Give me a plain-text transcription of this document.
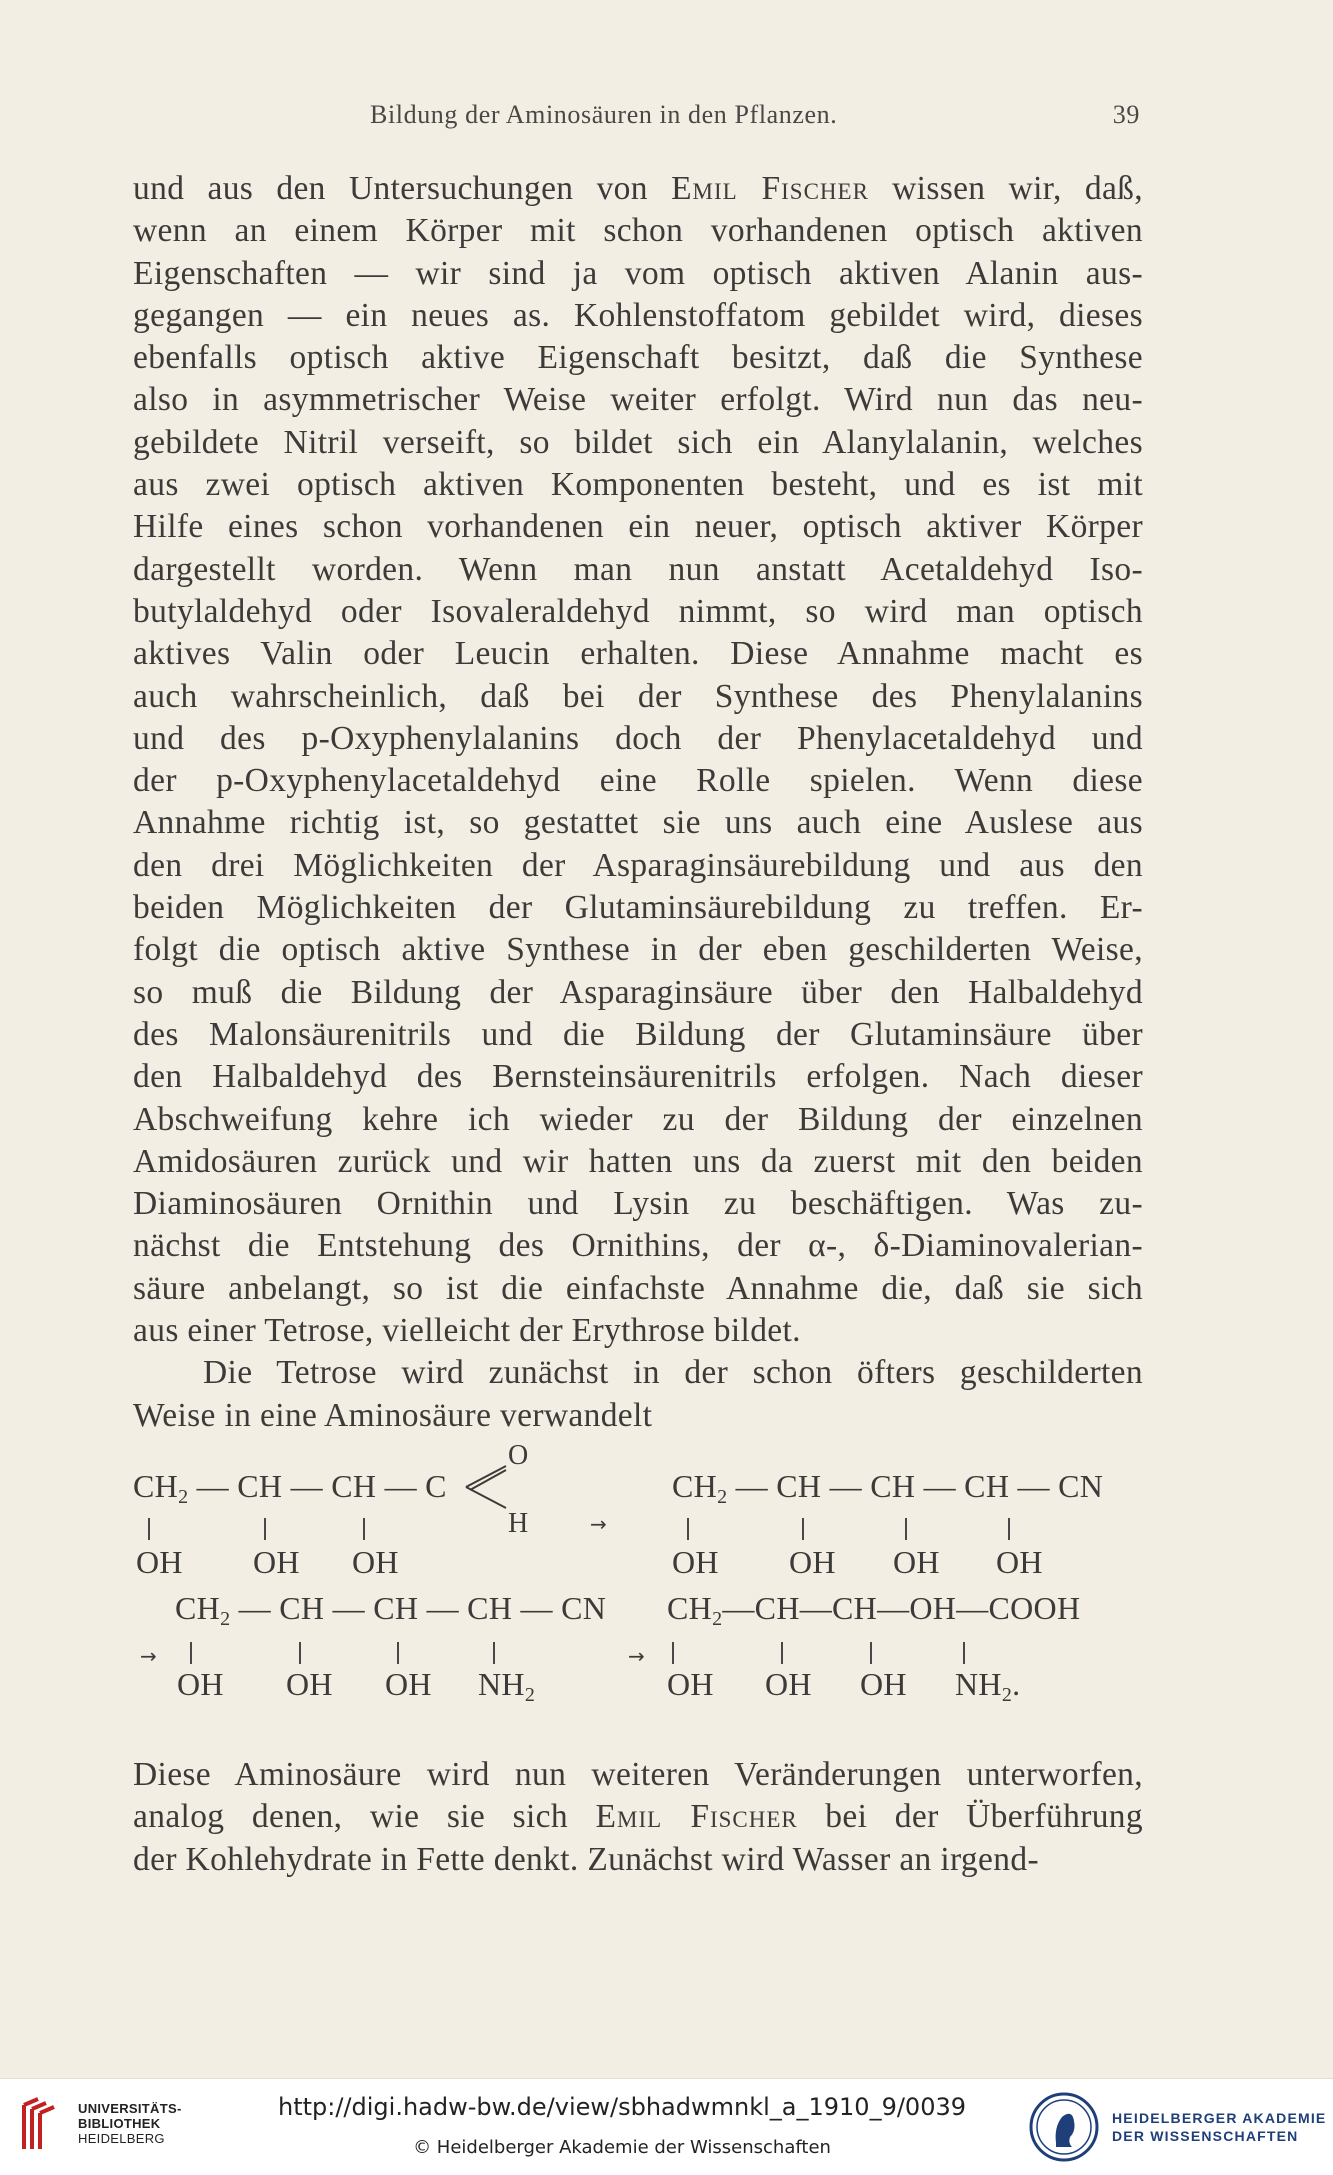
Bildung der Aminosäuren in den Pflanzen.	39
und aus den Untersuchungen von Emil Fischer wissen wir, daß,
wenn an einem Körper mit schon vorhandenen optisch aktiven
Eigenschaften — wir sind ja vom optisch aktiven Alanin aus-
gegangen — ein neues as. Kohlenstoffatom gebildet wird, dieses
ebenfalls optisch aktive Eigenschaft besitzt, daß die Synthese
also in asymmetrischer Weise weiter erfolgt. Wird nun das neu-
gebildete Nitril verseift, so bildet sich ein Alanylalanin, welches
aus zwei optisch aktiven Komponenten besteht, und es ist mit
Hilfe eines schon vorhandenen ein neuer, optisch aktiver Körper
dargestellt worden. Wenn man nun anstatt Acetaldehyd Iso-
butylaldehyd oder Isovaleraldehyd nimmt, so wird man optisch
aktives Valin oder Leucin erhalten. Diese Annahme macht es
auch wahrscheinlich, daß bei der Synthese des Phenylalanins
und des p-Oxyphenylalanins doch der Phenylacetaldehyd und
der p-Oxyphenylacetaldehyd eine Rolle spielen. Wenn diese
Annahme richtig ist, so gestattet sie uns auch eine Auslese aus
den drei Möglichkeiten der Asparaginsäurebildung und aus den
beiden Möglichkeiten der Glutaminsäurebildung zu treffen. Er-
folgt die optisch aktive Synthese in der eben geschilderten Weise,
so muß die Bildung der Asparaginsäure über den Halbaldehyd
des Malonsäurenitrils und die Bildung der Glutaminsäure über
den Halbaldehyd des Bernsteinsäurenitrils erfolgen. Nach dieser
Abschweifung kehre ich wieder zu der Bildung der einzelnen
Amidosäuren zurück und wir hatten uns da zuerst mit den beiden
Diaminosäuren Ornithin und Lysin zu beschäftigen. Was zu-
nächst die Entstehung des Ornithins, der α-, δ-Diaminovalerian-
säure anbelangt, so ist die einfachste Annahme die, daß sie sich
aus einer Tetrose, vielleicht der Erythrose bildet.
Die Tetrose wird zunächst in der schon öfters geschilderten
Weise in eine Aminosäure verwandelt
$CH_2$ — CH — CH — C
O
H
OH OH OH
→
$CH_2$ — CH — CH — CH — CN
OH OH OH OH
→
$CH_2$ — CH — CH — CH — CN
OH OH OH $NH_2$
→
$CH_2—CH—CH—OH—COOH$
OH OH OH $NH_2$.
Diese Aminosäure wird nun weiteren Veränderungen unterworfen,
analog denen, wie sie sich Emil Fischer bei der Überführung
der Kohlehydrate in Fette denkt. Zunächst wird Wasser an irgend-
UNIVERSITÄTS-
BIBLIOTHEK
HEIDELBERG
http://digi.hadw-bw.de/view/sbhadwmnkl_a_1910_9/0039
© Heidelberger Akademie der Wissenschaften
HEIDELBERGER AKADEMIE
DER WISSENSCHAFTEN
